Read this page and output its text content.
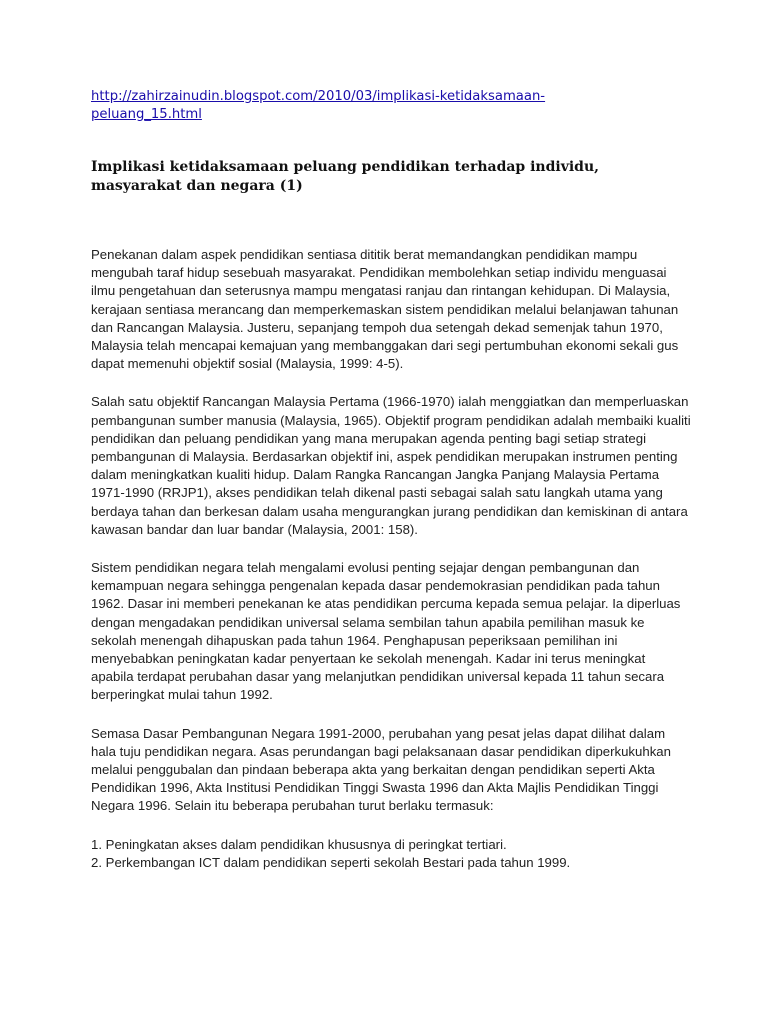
http://zahirzainudin.blogspot.com/2010/03/implikasi-ketidaksamaan-
peluang_15.html
Implikasi ketidaksamaan peluang pendidikan terhadap individu, masyarakat dan negara (1)

Penekanan dalam aspek pendidikan sentiasa dititik berat memandangkan pendidikan mampu mengubah taraf hidup sesebuah masyarakat. Pendidikan membolehkan setiap individu menguasai ilmu pengetahuan dan seterusnya mampu mengatasi ranjau dan rintangan kehidupan. Di Malaysia, kerajaan sentiasa merancang dan memperkemaskan sistem pendidikan melalui belanjawan tahunan dan Rancangan Malaysia. Justeru, sepanjang tempoh dua setengah dekad semenjak tahun 1970, Malaysia telah mencapai kemajuan yang membanggakan dari segi pertumbuhan ekonomi sekali gus dapat memenuhi objektif sosial (Malaysia, 1999: 4-5).

Salah satu objektif Rancangan Malaysia Pertama (1966-1970) ialah menggiatkan dan memperluaskan pembangunan sumber manusia (Malaysia, 1965). Objektif program pendidikan adalah membaiki kualiti pendidikan dan peluang pendidikan yang mana merupakan agenda penting bagi setiap strategi pembangunan di Malaysia. Berdasarkan objektif ini, aspek pendidikan merupakan instrumen penting dalam meningkatkan kualiti hidup. Dalam Rangka Rancangan Jangka Panjang Malaysia Pertama 1971-1990 (RRJP1), akses pendidikan telah dikenal pasti sebagai salah satu langkah utama yang berdaya tahan dan berkesan dalam usaha mengurangkan jurang pendidikan dan kemiskinan di antara kawasan bandar dan luar bandar (Malaysia, 2001: 158).

Sistem pendidikan negara telah mengalami evolusi penting sejajar dengan pembangunan dan kemampuan negara sehingga pengenalan kepada dasar pendemokrasian pendidikan pada tahun 1962. Dasar ini memberi penekanan ke atas pendidikan percuma kepada semua pelajar. Ia diperluas dengan mengadakan pendidikan universal selama sembilan tahun apabila pemilihan masuk ke sekolah menengah dihapuskan pada tahun 1964. Penghapusan peperiksaan pemilihan ini menyebabkan peningkatan kadar penyertaan ke sekolah menengah. Kadar ini terus meningkat apabila terdapat perubahan dasar yang melanjutkan pendidikan universal kepada 11 tahun secara berperingkat mulai tahun 1992.

Semasa Dasar Pembangunan Negara 1991-2000, perubahan yang pesat jelas dapat dilihat dalam hala tuju pendidikan negara. Asas perundangan bagi pelaksanaan dasar pendidikan diperkukuhkan melalui penggubalan dan pindaan beberapa akta yang berkaitan dengan pendidikan seperti Akta Pendidikan 1996, Akta Institusi Pendidikan Tinggi Swasta 1996 dan Akta Majlis Pendidikan Tinggi Negara 1996. Selain itu beberapa perubahan turut berlaku termasuk:

1. Peningkatan akses dalam pendidikan khususnya di peringkat tertiari.
2. Perkembangan ICT dalam pendidikan seperti sekolah Bestari pada tahun 1999.
